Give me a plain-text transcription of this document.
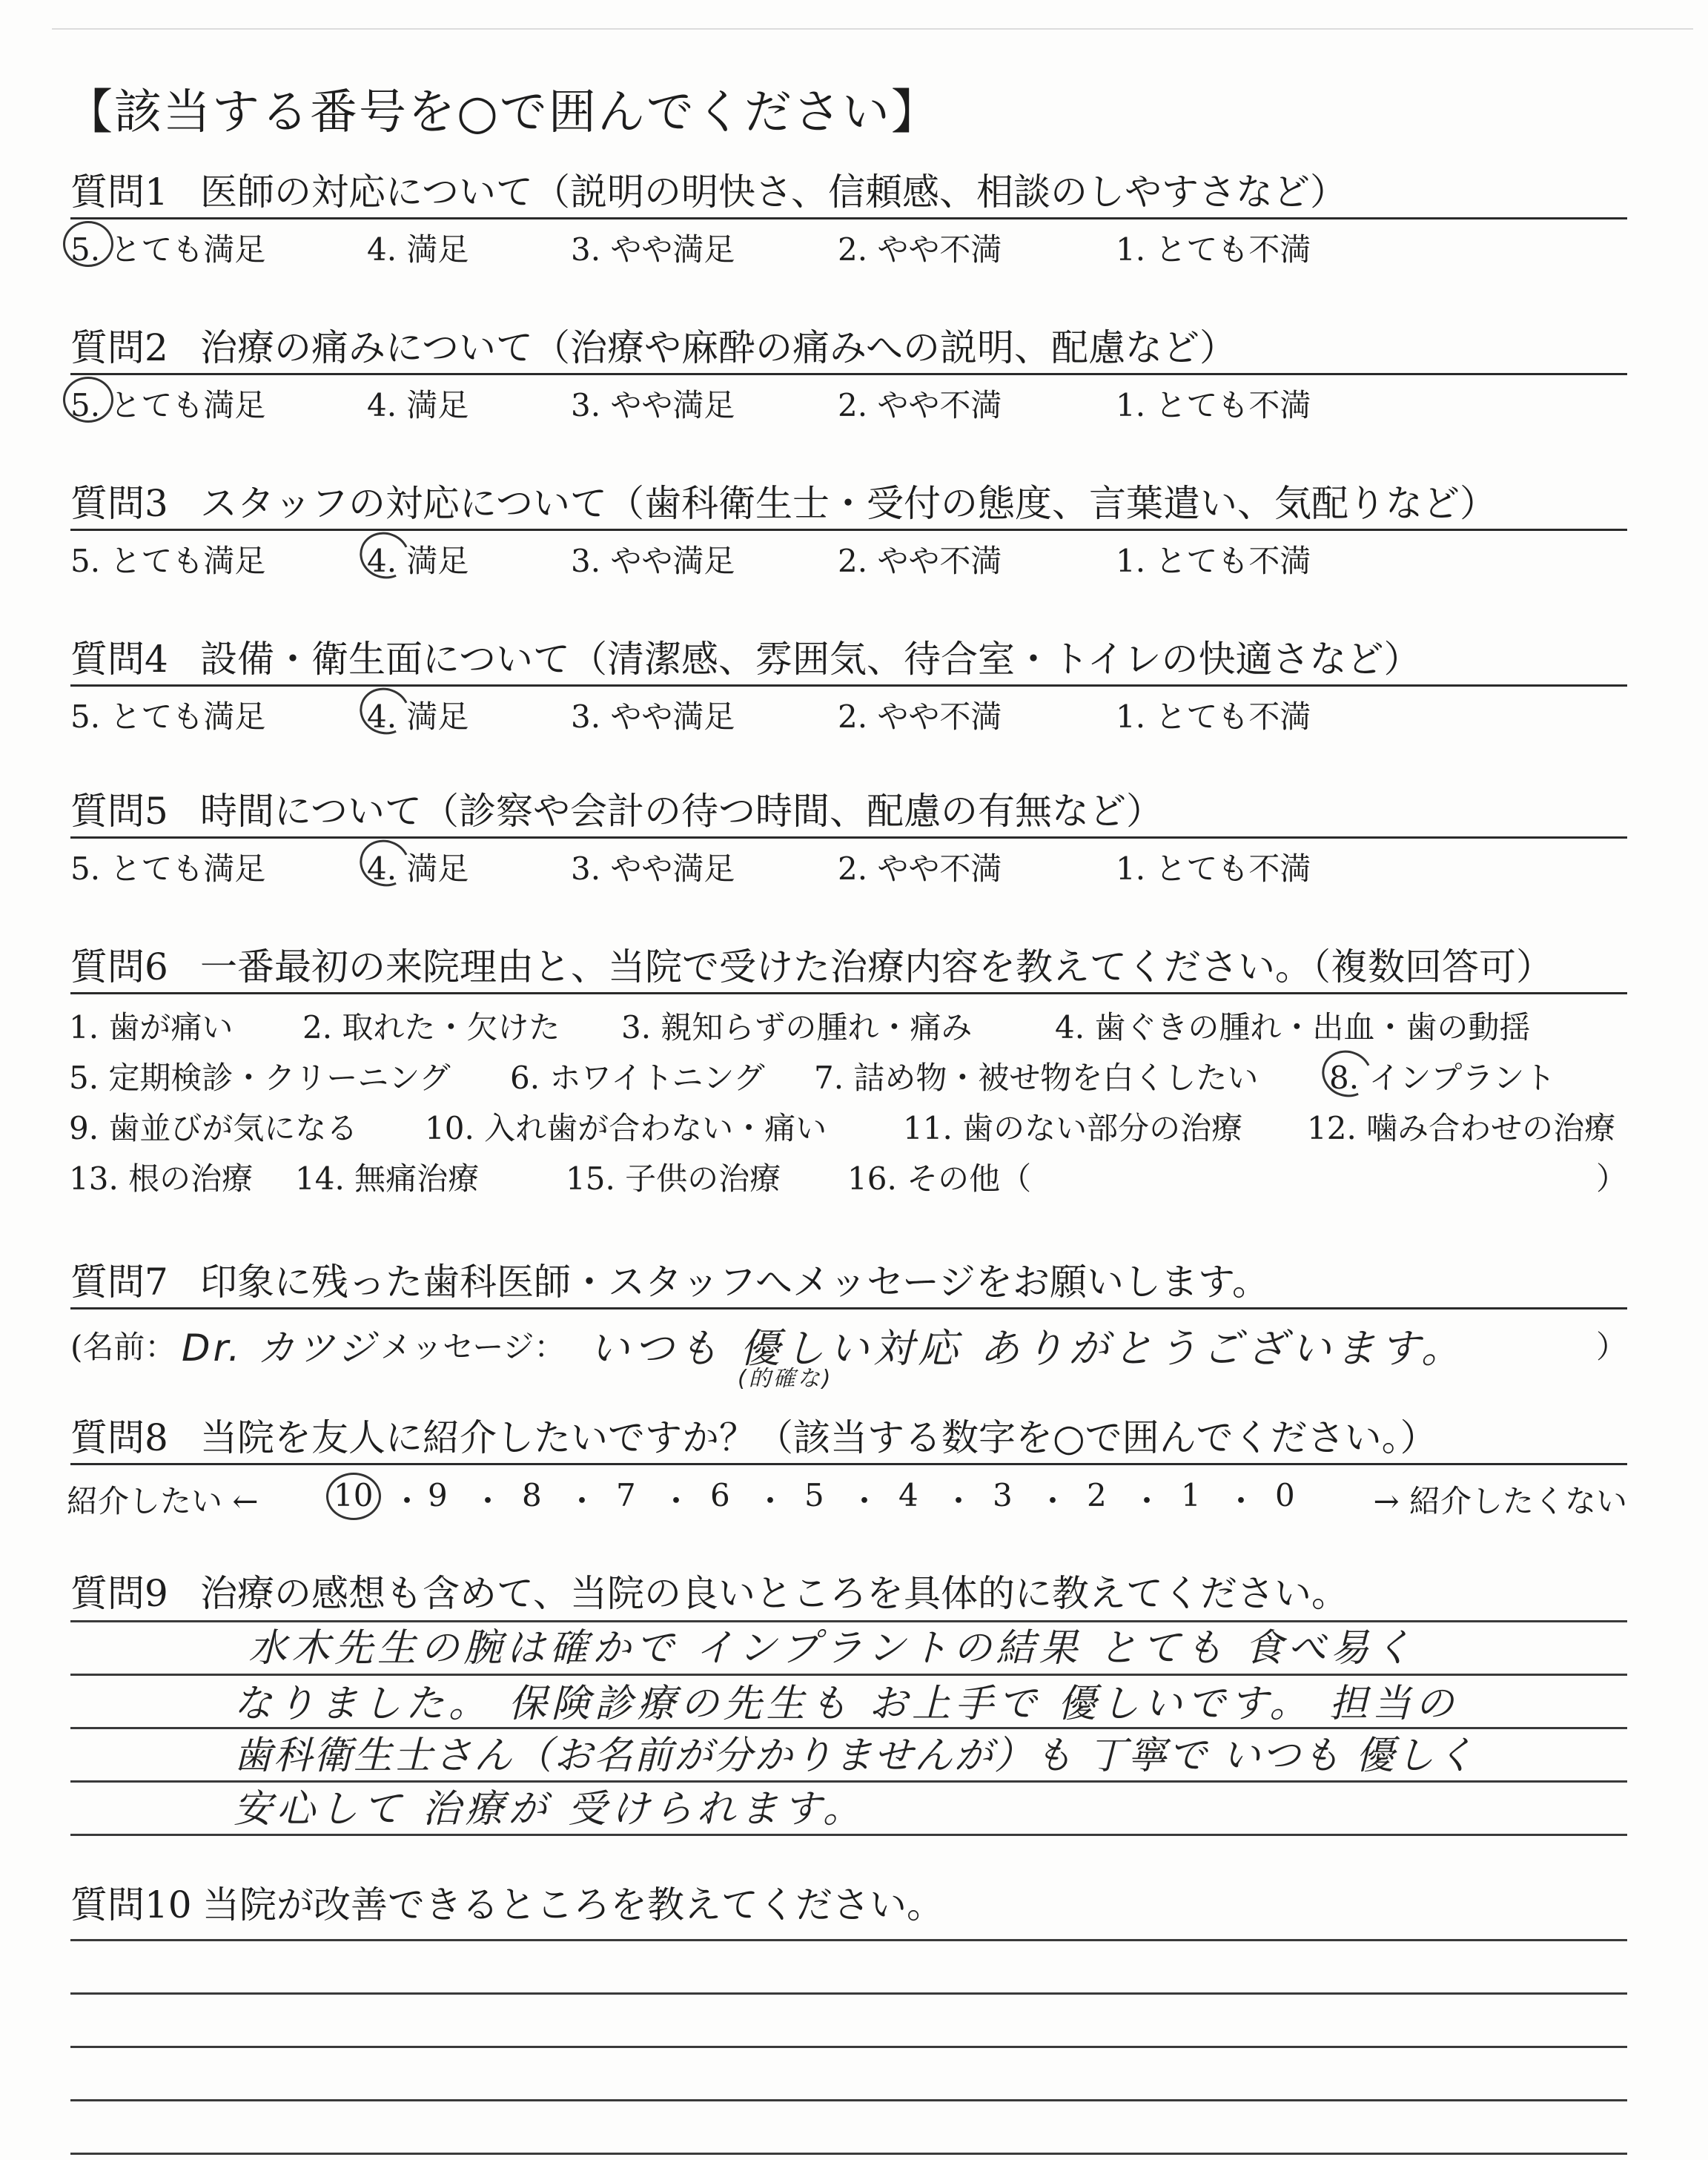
【該当する番号を○で囲んでください】
質問1 医師の対応について（説明の明快さ、信頼感、相談のしやすさなど）
5. とても満足	4. 満足	3. やや満足	2. やや不満	1. とても不満
質問2 治療の痛みについて（治療や麻酔の痛みへの説明、配慮など）
5. とても満足	4. 満足	3. やや満足	2. やや不満	1. とても不満
質問3 スタッフの対応について（歯科衛生士・受付の態度、言葉遣い、気配りなど）
5. とても満足	4. 満足	3. やや満足	2. やや不満	1. とても不満
質問4 設備・衛生面について（清潔感、雰囲気、待合室・トイレの快適さなど）
5. とても満足	4. 満足	3. やや満足	2. やや不満	1. とても不満
質問5 時間について（診察や会計の待つ時間、配慮の有無など）
5. とても満足	4. 満足	3. やや満足	2. やや不満	1. とても不満
質問6 一番最初の来院理由と、当院で受けた治療内容を教えてください。（複数回答可）
1. 歯が痛い 2. 取れた・欠けた 3. 親知らずの腫れ・痛み	4. 歯ぐきの腫れ・出血・歯の動揺
5. 定期検診・クリーニング 6. ホワイトニング 7. 詰め物・被せ物を白くしたい 8. インプラント
9. 歯並びが気になる 10. 入れ歯が合わない・痛い 11. 歯のない部分の治療 12. 噛み合わせの治療
13. 根の治療 14. 無痛治療	15. 子供の治療 16. その他（	）
質問7 印象に残った歯科医師・スタッフへメッセージをお願いします。
(名前： Dr. カツジ メッセージ： いつも 優しい対応 ありがとうございます。
(的確な)
）
質問8 当院を友人に紹介したいですか？（該当する数字を○で囲んでください。）
紹介したい ←	→ 紹介したくない
10 ・ 9 ・ 8 ・ 7 ・ 6 ・ 5 ・ 4 ・ 3 ・ 2 ・ 1 ・ 0
質問9 治療の感想も含めて、当院の良いところを具体的に教えてください。
水木先生の腕は確かで インプラントの結果 とても 食べ易く
なりました。 保険診療の先生も お上手で 優しいです。 担当の
歯科衛生士さん（お名前が分かりませんが）も 丁寧で いつも 優しく
安心して 治療が 受けられます。
質問10 当院が改善できるところを教えてください。
